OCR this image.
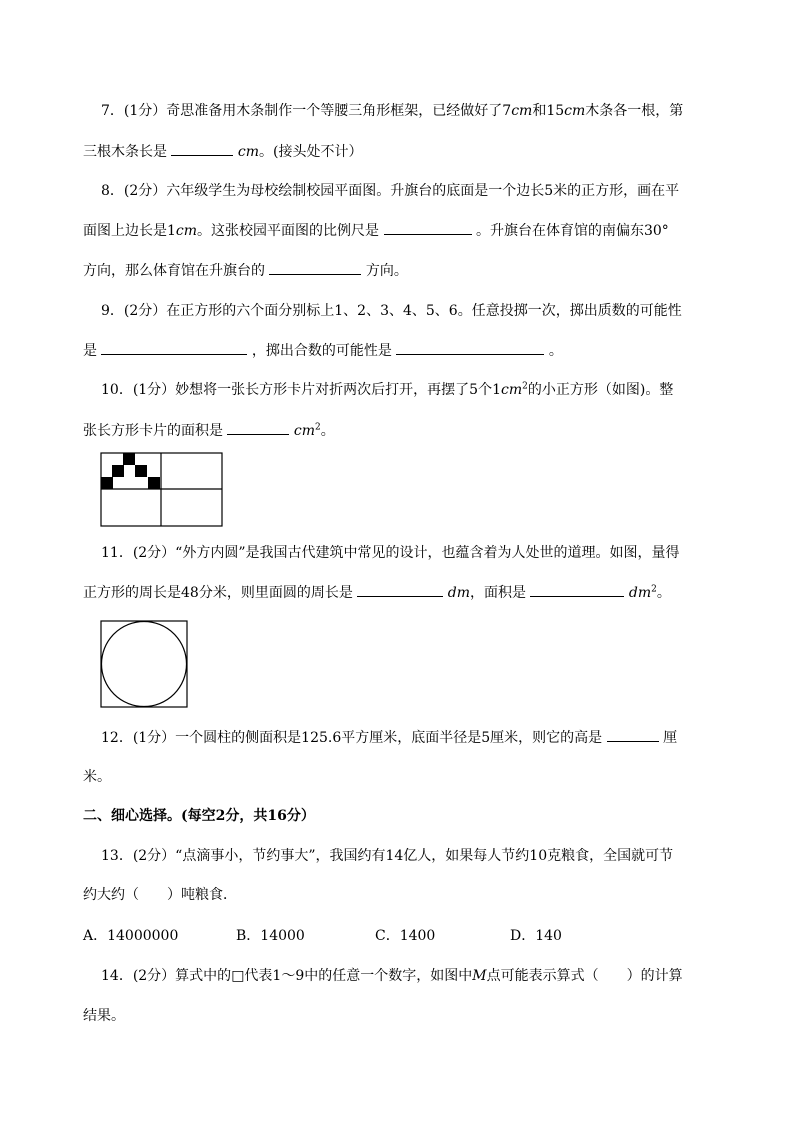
7．(1分）奇思准备用木条制作一个等腰三角形框架，已经做好了7cm和15cm木条各一根，第
三根木条长是	cm。(接头处不计）
8．(2分）六年级学生为母校绘制校园平面图。升旗台的底面是一个边长5米的正方形，画在平
面图上边长是1cm。这张校园平面图的比例尺是	。升旗台在体育馆的南偏东30°
方向，那么体育馆在升旗台的	方向。
9．(2分）在正方形的六个面分别标上1、2、3、4、5、6。任意投掷一次，掷出质数的可能性
是	，掷出合数的可能性是	。
10．(1分）妙想将一张长方形卡片对折两次后打开，再摆了5个$1cm^2$的小正方形（如图)。整
张长方形卡片的面积是	$cm^2$。
11．(2分）“外方内圆”是我国古代建筑中常见的设计，也蕴含着为人处世的道理。如图，量得
正方形的周长是48分米，则里面圆的周长是	dm，面积是	$dm^2$。
12．(1分）一个圆柱的侧面积是125.6平方厘米，底面半径是5厘米，则它的高是	厘
米。
二、细心选择。(每空2分，共16分）
13．(2分）“点滴事小，节约事大”，我国约有14亿人，如果每人节约10克粮食，全国就可节
约大约（　　）吨粮食．
A．14000000	B．14000	C．1400	D．140
14．(2分）算式中的□代表1～9中的任意一个数字，如图中M点可能表示算式（　　）的计算
结果。
